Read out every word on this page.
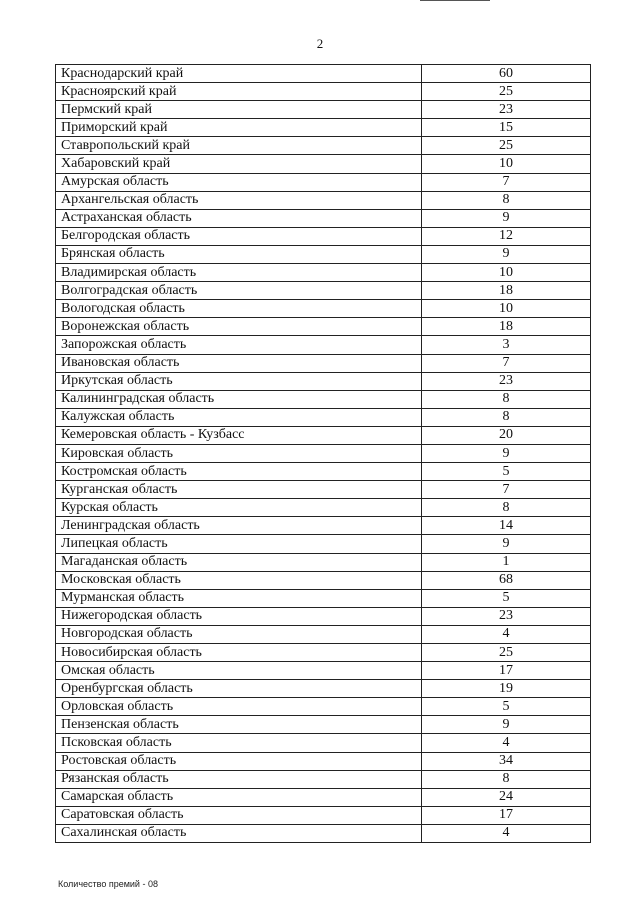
2
Краснодарский край	60
Красноярский край	25
Пермский край	23
Приморский край	15
Ставропольский край	25
Хабаровский край	10
Амурская область	7
Архангельская область	8
Астраханская область	9
Белгородская область	12
Брянская область	9
Владимирская область	10
Волгоградская область	18
Вологодская область	10
Воронежская область	18
Запорожская область	3
Ивановская область	7
Иркутская область	23
Калининградская область	8
Калужская область	8
Кемеровская область - Кузбасс	20
Кировская область	9
Костромская область	5
Курганская область	7
Курская область	8
Ленинградская область	14
Липецкая область	9
Магаданская область	1
Московская область	68
Мурманская область	5
Нижегородская область	23
Новгородская область	4
Новосибирская область	25
Омская область	17
Оренбургская область	19
Орловская область	5
Пензенская область	9
Псковская область	4
Ростовская область	34
Рязанская область	8
Самарская область	24
Саратовская область	17
Сахалинская область	4
Количество премий - 08
